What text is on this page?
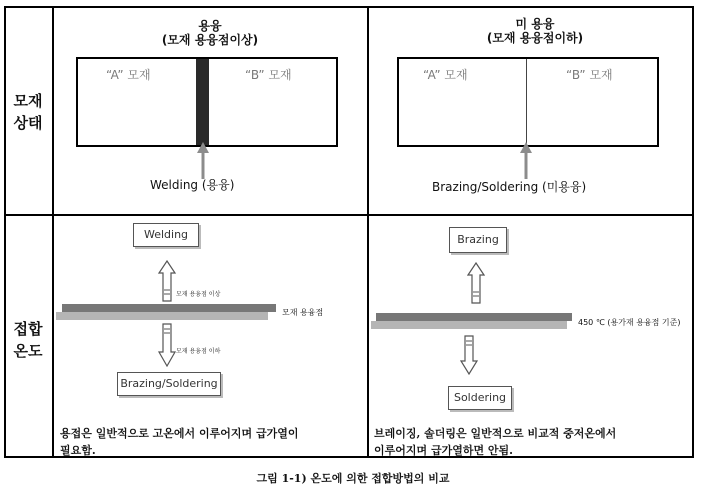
모재
상태
접합
온도
용융
(모재 용융점이상)
미 용융
(모재 용융점이하)
“A” 모재	“B” 모재
Welding (용융)
“A” 모재	“B” 모재
Brazing/Soldering (미용융)
Welding
모재 용융점 이상
모재 용융점
모재 용융점 이하
Brazing/Soldering
용접은 일반적으로 고온에서 이루어지며 급가열이
필요함.
Brazing
450 ℃ (용가재 용융점 기준)
Soldering
브레이징, 솔더링은 일반적으로 비교적 중저온에서
이루어지며 급가열하면 안됨.
그림 1-1) 온도에 의한 접합방법의 비교
